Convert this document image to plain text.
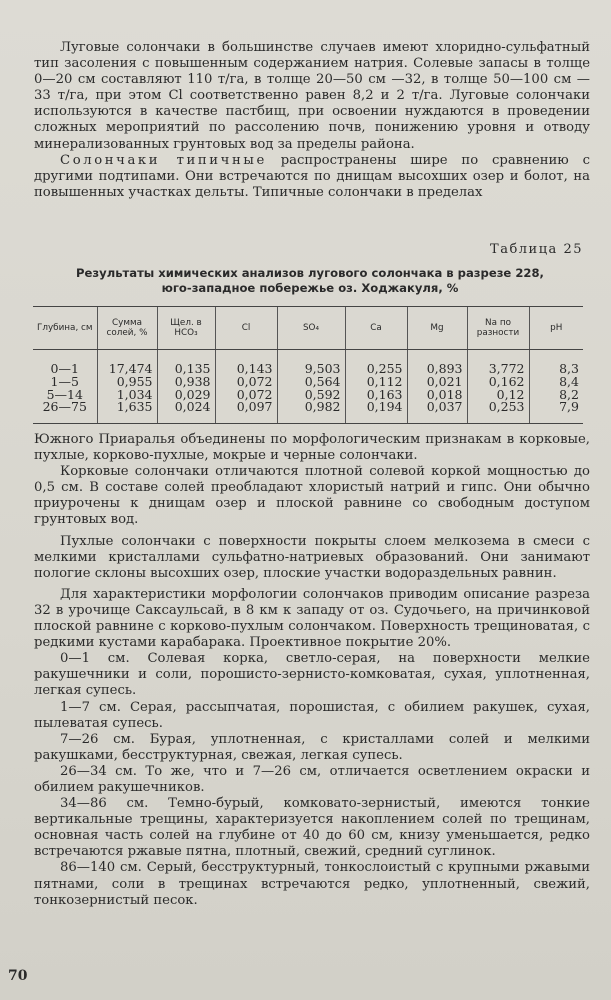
Луговые солончаки в большинстве случаев имеют хлоридно-сульфатный тип засоления с повышенным содержанием натрия. Солевые запасы в толще 0—20 см составляют 110 т/га, в толще 20—50 см —32, в толще 50—100 см — 33 т/га, при этом Cl соответственно равен 8,2 и 2 т/га. Луговые солончаки используются в качестве пастбищ, при освоении нуждаются в проведении сложных мероприятий по рассолению почв, понижению уровня и отводу минерализованных грунтовых вод за пределы района.

Солончаки типичные распространены шире по сравнению с другими подтипами. Они встречаются по днищам высохших озер и болот, на повышенных участках дельты. Типичные солончаки в пределах

Таблица 25
Результаты химических анализов лугового солончака в разрезе 228,
юго-западное побережье оз. Ходжакуля, %
Глубина, см	Сумма солей, %	Щел. в HCO₃	Cl	SO₄	Ca	Mg	Na по разности	pH
0—1	17,474	0,135	0,143	9,503	0,255	0,893	3,772	8,3
1—5	0,955	0,938	0,072	0,564	0,112	0,021	0,162	8,4
5—14	1,034	0,029	0,072	0,592	0,163	0,018	0,12	8,2
26—75	1,635	0,024	0,097	0,982	0,194	0,037	0,253	7,9

Южного Приаралья объединены по морфологическим признакам в корковые, пухлые, корково-пухлые, мокрые и черные солончаки.

Корковые солончаки отличаются плотной солевой коркой мощностью до 0,5 см. В составе солей преобладают хлористый натрий и гипс. Они обычно приурочены к днищам озер и плоской равнине со свободным доступом грунтовых вод.

Пухлые солончаки с поверхности покрыты слоем мелкозема в смеси с мелкими кристаллами сульфатно-натриевых образований. Они занимают пологие склоны высохших озер, плоские участки водораздельных равнин.

Для характеристики морфологии солончаков приводим описание разреза 32 в урочище Саксаульсай, в 8 км к западу от оз. Судочьего, на причинковой плоской равнине с корково-пухлым солончаком. Поверхность трещиноватая, с редкими кустами карабарака. Проективное покрытие 20%.

0—1 см. Солевая корка, светло-серая, на поверхности мелкие ракушечники и соли, порошисто-зернисто-комковатая, сухая, уплотненная, легкая супесь.

1—7 см. Серая, рассыпчатая, порошистая, с обилием ракушек, сухая, пылеватая супесь.

7—26 см. Бурая, уплотненная, с кристаллами солей и мелкими ракушками, бесструктурная, свежая, легкая супесь.

26—34 см. То же, что и 7—26 см, отличается осветлением окраски и обилием ракушечников.

34—86 см. Темно-бурый, комковато-зернистый, имеются тонкие вертикальные трещины, характеризуется накоплением солей по трещинам, основная часть солей на глубине от 40 до 60 см, книзу уменьшается, редко встречаются ржавые пятна, плотный, свежий, средний суглинок.

86—140 см. Серый, бесструктурный, тонкослоистый с крупными ржавыми пятнами, соли в трещинах встречаются редко, уплотненный, свежий, тонкозернистый песок.

70
